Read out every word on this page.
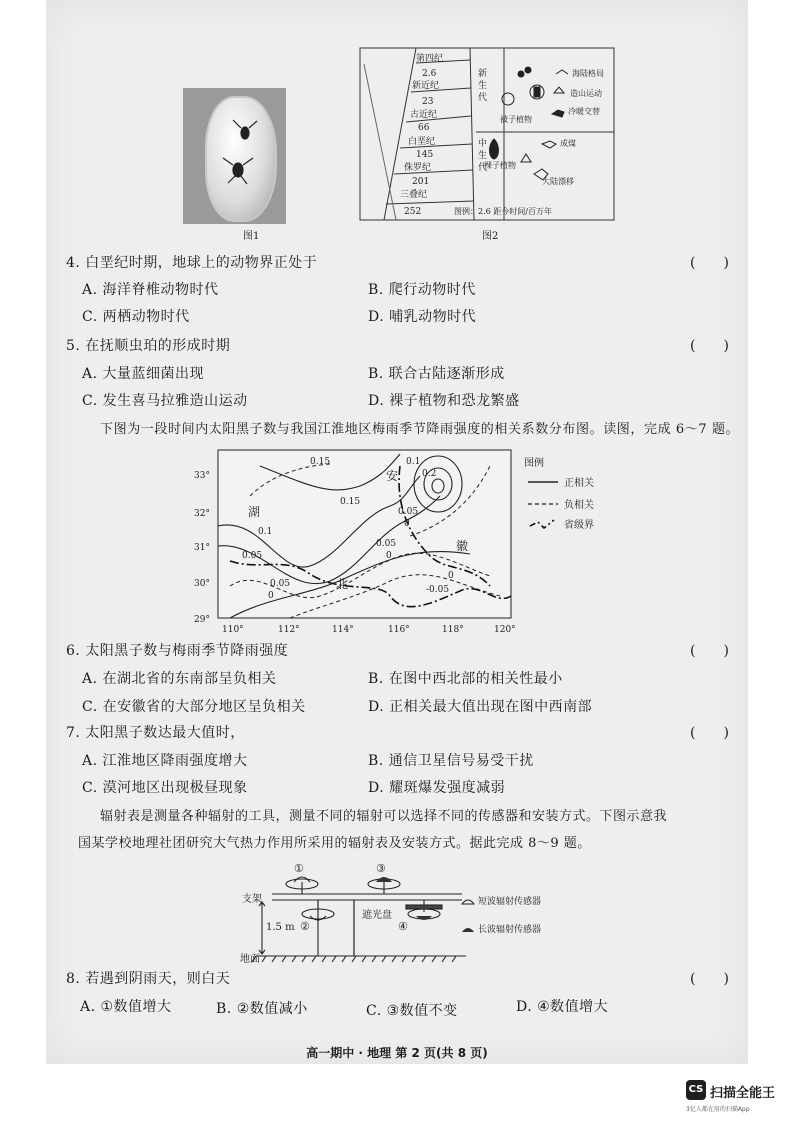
图1
第四纪
2.6
新近纪
23
古近纪
66
白垩纪
145
侏罗纪
201
三叠纪
252
新
生
代
中
生
代
海陆格局
造山运动
冷暖交替
被子植物
成煤
裸子植物
大陆漂移
图例：2.6 距今时间/百万年
图2
4. 白垩纪时期，地球上的动物界正处于	(　　)
A. 海洋脊椎动物时代	B. 爬行动物时代
C. 两栖动物时代	D. 哺乳动物时代
5. 在抚顺虫珀的形成时期	(　　)
A. 大量蓝细菌出现	B. 联合古陆逐渐形成
C. 发生喜马拉雅造山运动	D. 裸子植物和恐龙繁盛
下图为一段时间内太阳黑子数与我国江淮地区梅雨季节降雨强度的相关系数分布图。读图，完成 6～7 题。
0.15
0.1
0.2
0.1
0.05
0
0.05
0
0.05
0.05
0
-0.05
0
0.15
湖
安
北
徽
33°
32°
31°
30°
29°
110°	112°	114°	116°	118°	120°
图例
正相关
负相关
省级界
6. 太阳黑子数与梅雨季节降雨强度	(　　)
A. 在湖北省的东南部呈负相关	B. 在图中西北部的相关性最小
C. 在安徽省的大部分地区呈负相关	D. 正相关最大值出现在图中西南部
7. 太阳黑子数达最大值时，	(　　)
A. 江淮地区降雨强度增大	B. 通信卫星信号易受干扰
C. 漠河地区出现极昼现象	D. 耀斑爆发强度减弱
辐射表是测量各种辐射的工具，测量不同的辐射可以选择不同的传感器和安装方式。下图示意我
国某学校地理社团研究大气热力作用所采用的辐射表及安装方式。据此完成 8～9 题。
①
②
③
④
支架
1.5 m
遮光盘
地面
短波辐射传感器
长波辐射传感器
8. 若遇到阴雨天，则白天	(　　)
A. ①数值增大	B. ②数值减小	C. ③数值不变	D. ④数值增大
高一期中 · 地理 第 2 页(共 8 页)
CS 扫描全能王
3亿人都在用的扫描App
